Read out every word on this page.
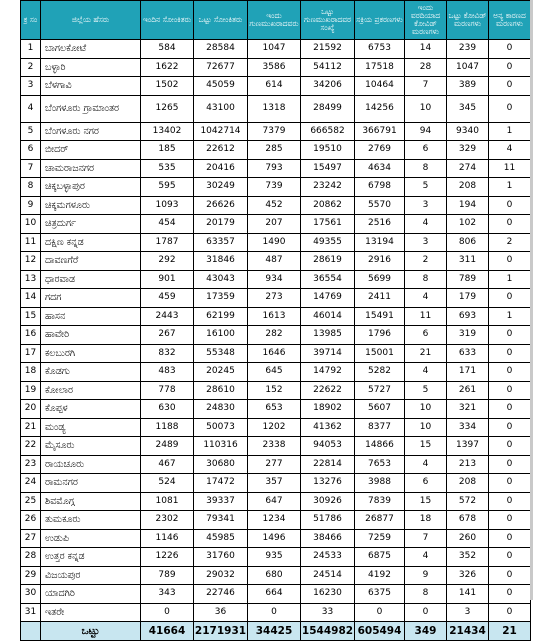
ಕ್ರ ಸಂ	ಜಿಲ್ಲೆಯ ಹೆಸರು	ಇಂದಿನ ಸೋಂಕಿತರು	ಒಟ್ಟು ಸೋಂಕಿತರು	ಇಂದು ಗುಣಮುಖರಾದವರು	ಒಟ್ಟು ಗುಣಮುಖರಾದವರ ಸಂಖ್ಯೆ	ಸಕ್ರಿಯ ಪ್ರಕರಣಗಳು	ಇಂದು ವರದಿಯಾದ ಕೋವಿಡ್ ಮರಣಗಳು	ಒಟ್ಟು ಕೋವಿಡ್ ಮರಣಗಳು	ಅನ್ಯ ಕಾರಣದ ಮರಣಗಳು
1	ಬಾಗಲಕೋಟೆ	584	28584	1047	21592	6753	14	239	0
2	ಬಳ್ಳಾರಿ	1622	72677	3586	54112	17518	28	1047	0
3	ಬೆಳಗಾವಿ	1502	45059	614	34206	10464	7	389	0
4	ಬೆಂಗಳೂರು ಗ್ರಾಮಾಂತರ	1265	43100	1318	28499	14256	10	345	0
5	ಬೆಂಗಳೂರು ನಗರ	13402	1042714	7379	666582	366791	94	9340	1
6	ಬೀದರ್	185	22612	285	19510	2769	6	329	4
7	ಚಾಮರಾಜನಗರ	535	20416	793	15497	4634	8	274	11
8	ಚಿಕ್ಕಬಳ್ಳಾಪುರ	595	30249	739	23242	6798	5	208	1
9	ಚಿಕ್ಕಮಗಳೂರು	1093	26626	452	20862	5570	3	194	0
10	ಚಿತ್ರದುರ್ಗ	454	20179	207	17561	2516	4	102	0
11	ದಕ್ಷಿಣ ಕನ್ನಡ	1787	63357	1490	49355	13194	3	806	2
12	ದಾವಣಗೆರೆ	292	31846	487	28619	2916	2	311	0
13	ಧಾರವಾಡ	901	43043	934	36554	5699	8	789	1
14	ಗದಗ	459	17359	273	14769	2411	4	179	0
15	ಹಾಸನ	2443	62199	1613	46014	15491	11	693	1
16	ಹಾವೇರಿ	267	16100	282	13985	1796	6	319	0
17	ಕಲಬುರಗಿ	832	55348	1646	39714	15001	21	633	0
18	ಕೊಡಗು	483	20245	645	14792	5282	4	171	0
19	ಕೋಲಾರ	778	28610	152	22622	5727	5	261	0
20	ಕೊಪ್ಪಳ	630	24830	653	18902	5607	10	321	0
21	ಮಂಡ್ಯ	1188	50073	1202	41362	8377	10	334	0
22	ಮೈಸೂರು	2489	110316	2338	94053	14866	15	1397	0
23	ರಾಯಚೂರು	467	30680	277	22814	7653	4	213	0
24	ರಾಮನಗರ	524	17472	357	13276	3988	6	208	0
25	ಶಿವಮೊಗ್ಗ	1081	39337	647	30926	7839	15	572	0
26	ತುಮಕೂರು	2302	79341	1234	51786	26877	18	678	0
27	ಉಡುಪಿ	1146	45985	1496	38466	7259	7	260	0
28	ಉತ್ತರ ಕನ್ನಡ	1226	31760	935	24533	6875	4	352	0
29	ವಿಜಯಪುರ	789	29032	680	24514	4192	9	326	0
30	ಯಾದಗಿರಿ	343	22746	664	16230	6375	8	141	0
31	ಇತರೇ	0	36	0	33	0	0	3	0
	ಒಟ್ಟು	41664	2171931	34425	1544982	605494	349	21434	21
